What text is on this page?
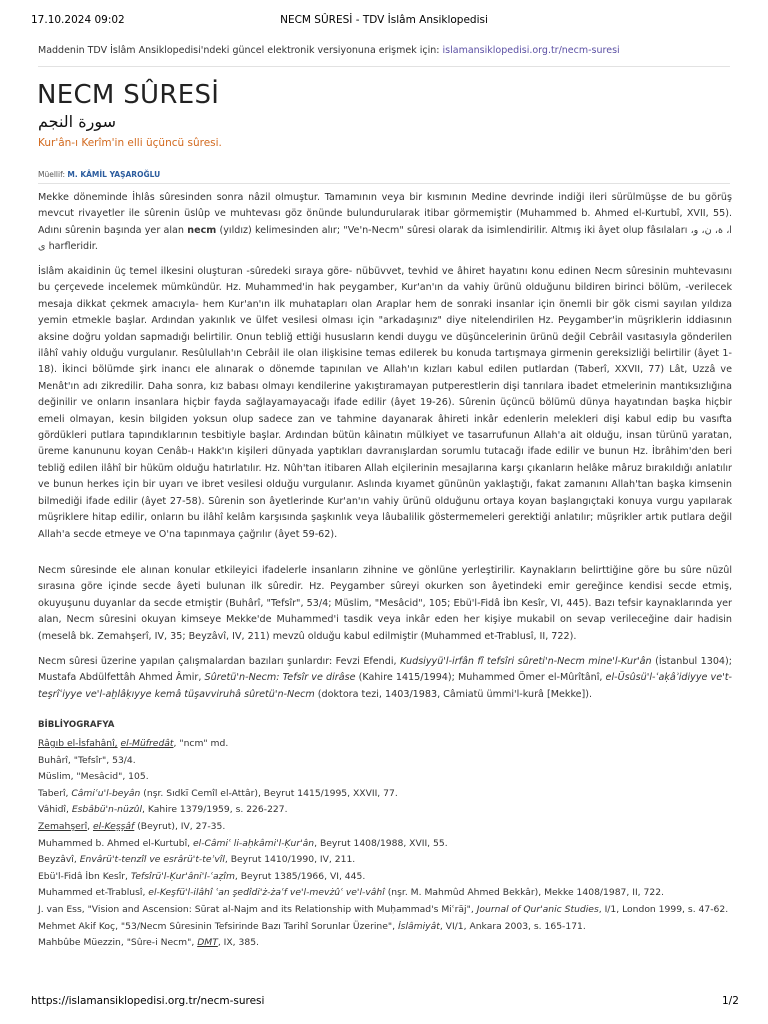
17.10.2024 09:02	NECM SÛRESİ - TDV İslâm Ansiklopedisi
Maddenin TDV İslâm Ansiklopedisi'ndeki güncel elektronik versiyonuna erişmek için: islamansiklopedisi.org.tr/necm-suresi
NECM SÛRESİ
سورة النجم
Kur'ân-ı Kerîm'in elli üçüncü sûresi.
Müellif: M. KÂMİL YAŞAROĞLU
Mekke döneminde İhlâs sûresinden sonra nâzil olmuştur. Tamamının veya bir kısmının Medine devrinde indiği ileri sürülmüşse de bu görüş mevcut rivayetler ile sûrenin üslûp ve muhtevası göz önünde bulundurularak itibar görmemiştir (Muhammed b. Ahmed el-Kurtubî, XVII, 55). Adını sûrenin başında yer alan necm (yıldız) kelimesinden alır; "Ve'n-Necm" sûresi olarak da isimlendirilir. Altmış iki âyet olup fâsılaları ا، ة، ن، و، ى harfleridir.
İslâm akaidinin üç temel ilkesini oluşturan -sûredeki sıraya göre- nübüvvet, tevhid ve âhiret hayatını konu edinen Necm sûresinin muhtevasını bu çerçevede incelemek mümkündür. Hz. Muhammed'in hak peygamber, Kur'an'ın da vahiy ürünü olduğunu bildiren birinci bölüm, -verilecek mesaja dikkat çekmek amacıyla- hem Kur'an'ın ilk muhatapları olan Araplar hem de sonraki insanlar için önemli bir gök cismi sayılan yıldıza yemin etmekle başlar. Ardından yakınlık ve ülfet vesilesi olması için "arkadaşınız" diye nitelendirilen Hz. Peygamber'in müşriklerin iddiasının aksine doğru yoldan sapmadığı belirtilir. Onun tebliğ ettiği hususların kendi duygu ve düşüncelerinin ürünü değil Cebrâil vasıtasıyla gönderilen ilâhî vahiy olduğu vurgulanır. Resûlullah'ın Cebrâil ile olan ilişkisine temas edilerek bu konuda tartışmaya girmenin gereksizliği belirtilir (âyet 1-18). İkinci bölümde şirk inancı ele alınarak o dönemde tapınılan ve Allah'ın kızları kabul edilen putlardan (Taberî, XXVII, 77) Lât, Uzzâ ve Menât'ın adı zikredilir. Daha sonra, kız babası olmayı kendilerine yakıştıramayan putperestlerin dişi tanrılara ibadet etmelerinin mantıksızlığına değinilir ve onların insanlara hiçbir fayda sağlayamayacağı ifade edilir (âyet 19-26). Sûrenin üçüncü bölümü dünya hayatından başka hiçbir emeli olmayan, kesin bilgiden yoksun olup sadece zan ve tahmine dayanarak âhireti inkâr edenlerin melekleri dişi kabul edip bu vasıfta gördükleri putlara tapındıklarının tesbitiyle başlar. Ardından bütün kâinatın mülkiyet ve tasarrufunun Allah'a ait olduğu, insan türünü yaratan, üreme kanununu koyan Cenâb-ı Hakk'ın kişileri dünyada yaptıkları davranışlardan sorumlu tutacağı ifade edilir ve bunun Hz. İbrâhim'den beri tebliğ edilen ilâhî bir hüküm olduğu hatırlatılır. Hz. Nûh'tan itibaren Allah elçilerinin mesajlarına karşı çıkanların helâke mâruz bırakıldığı anlatılır ve bunun herkes için bir uyarı ve ibret vesilesi olduğu vurgulanır. Aslında kıyamet gününün yaklaştığı, fakat zamanını Allah'tan başka kimsenin bilmediği ifade edilir (âyet 27-58). Sûrenin son âyetlerinde Kur'an'ın vahiy ürünü olduğunu ortaya koyan başlangıçtaki konuya vurgu yapılarak müşriklere hitap edilir, onların bu ilâhî kelâm karşısında şaşkınlık veya lâubalilik göstermemeleri gerektiği anlatılır; müşrikler artık putlara değil Allah'a secde etmeye ve O'na tapınmaya çağrılır (âyet 59-62).
Necm sûresinde ele alınan konular etkileyici ifadelerle insanların zihnine ve gönlüne yerleştirilir. Kaynakların belirttiğine göre bu sûre nüzûl sırasına göre içinde secde âyeti bulunan ilk sûredir. Hz. Peygamber sûreyi okurken son âyetindeki emir gereğince kendisi secde etmiş, okuyuşunu duyanlar da secde etmiştir (Buhârî, "Tefsîr", 53/4; Müslim, "Mesâcid", 105; Ebü'l-Fidâ İbn Kesîr, VI, 445). Bazı tefsir kaynaklarında yer alan, Necm sûresini okuyan kimseye Mekke'de Muhammed'i tasdik veya inkâr eden her kişiye mukabil on sevap verileceğine dair hadisin (meselâ bk. Zemahşerî, IV, 35; Beyzâvî, IV, 211) mevzû olduğu kabul edilmiştir (Muhammed et-Trablusî, II, 722).
Necm sûresi üzerine yapılan çalışmalardan bazıları şunlardır: Fevzi Efendi, Kudsiyyü'l-irfân fî tefsîri sûreti'n-Necm mine'l-Kur'ân (İstanbul 1304); Mustafa Abdülfettâh Ahmed Âmir, Sûretü'n-Necm: Tefsîr ve dirâse (Kahire 1415/1994); Muhammed Ömer el-Mûrîtânî, el-Üsûsü'l-ʿaḳâʾidiyye ve't-teşrîʿiyye ve'l-aḫlâḳıyye kemâ tüşavviruhâ sûretü'n-Necm (doktora tezi, 1403/1983, Câmiatü ümmi'l-kurâ [Mekke]).
BİBLİYOGRAFYA
Râgıb el-İsfahânî, el-Müfredât, "ncm" md.
Buhârî, "Tefsîr", 53/4.
Müslim, "Mesâcid", 105.
Taberî, Câmiʿu'l-beyân (nşr. Sıdkī Cemîl el-Attâr), Beyrut 1415/1995, XXVII, 77.
Vâhidî, Esbâbü'n-nüzûl, Kahire 1379/1959, s. 226-227.
Zemahşerî, el-Keşşâf (Beyrut), IV, 27-35.
Muhammed b. Ahmed el-Kurtubî, el-Câmiʿ li-aḥkâmi'l-Ḳur'ân, Beyrut 1408/1988, XVII, 55.
Beyzâvî, Envârü't-tenzîl ve esrârü't-teʾvîl, Beyrut 1410/1990, IV, 211.
Ebü'l-Fidâ İbn Kesîr, Tefsîrü'l-Ḳur'âni'l-ʿaẓîm, Beyrut 1385/1966, VI, 445.
Muhammed et-Trablusî, el-Keşfü'l-ilâhî ʿan şedîdi'ż-żaʿf ve'l-mevżûʿ ve'l-vâhî (nşr. M. Mahmûd Ahmed Bekkâr), Mekke 1408/1987, II, 722.
J. van Ess, "Vision and Ascension: Sūrat al-Najm and its Relationship with Muḥammad's Miʿrāj", Journal of Qur'anic Studies, I/1, London 1999, s. 47-62.
Mehmet Akif Koç, "53/Necm Sûresinin Tefsirinde Bazı Tarihî Sorunlar Üzerine", İslâmiyât, VI/1, Ankara 2003, s. 165-171.
Mahbûbe Müezzin, "Sûre-i Necm", DMT, IX, 385.
https://islamansiklopedisi.org.tr/necm-suresi	1/2
